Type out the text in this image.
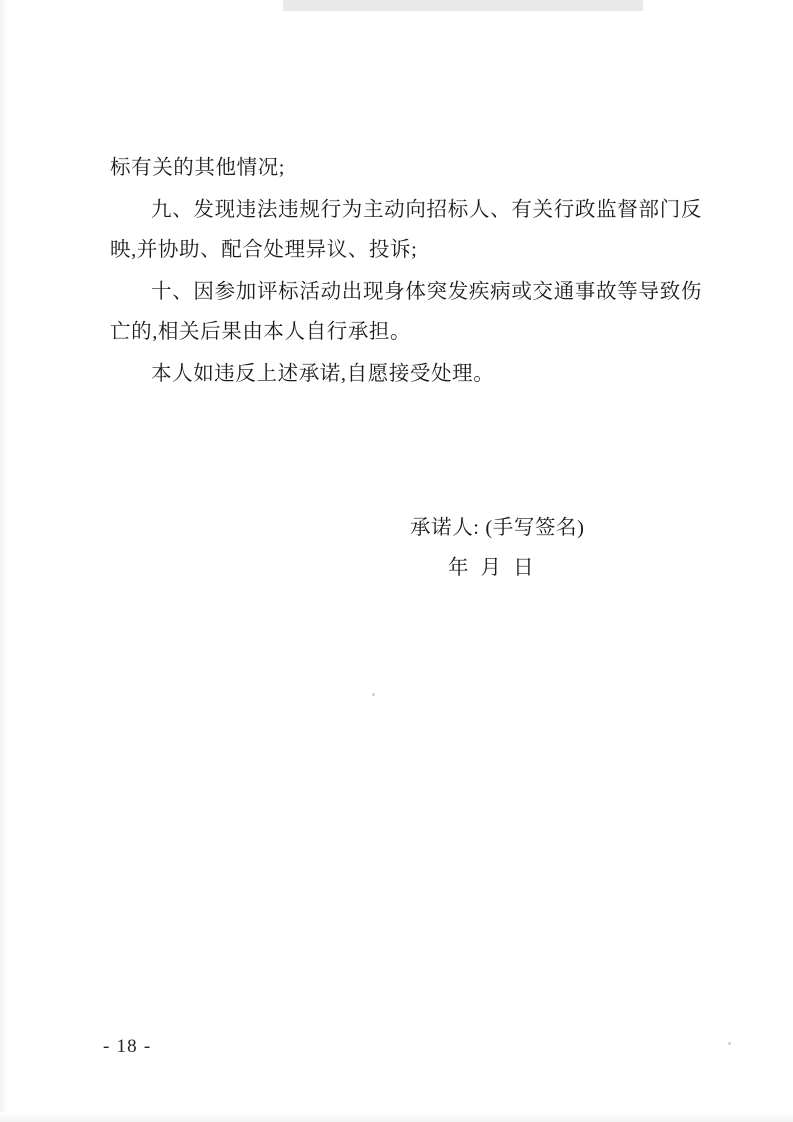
标有关的其他情况;

九、发现违法违规行为主动向招标人、有关行政监督部门反映,并协助、配合处理异议、投诉;

十、因参加评标活动出现身体突发疾病或交通事故等导致伤亡的,相关后果由本人自行承担。

本人如违反上述承诺,自愿接受处理。

承诺人: (手写签名)
年  月  日
- 18 -
